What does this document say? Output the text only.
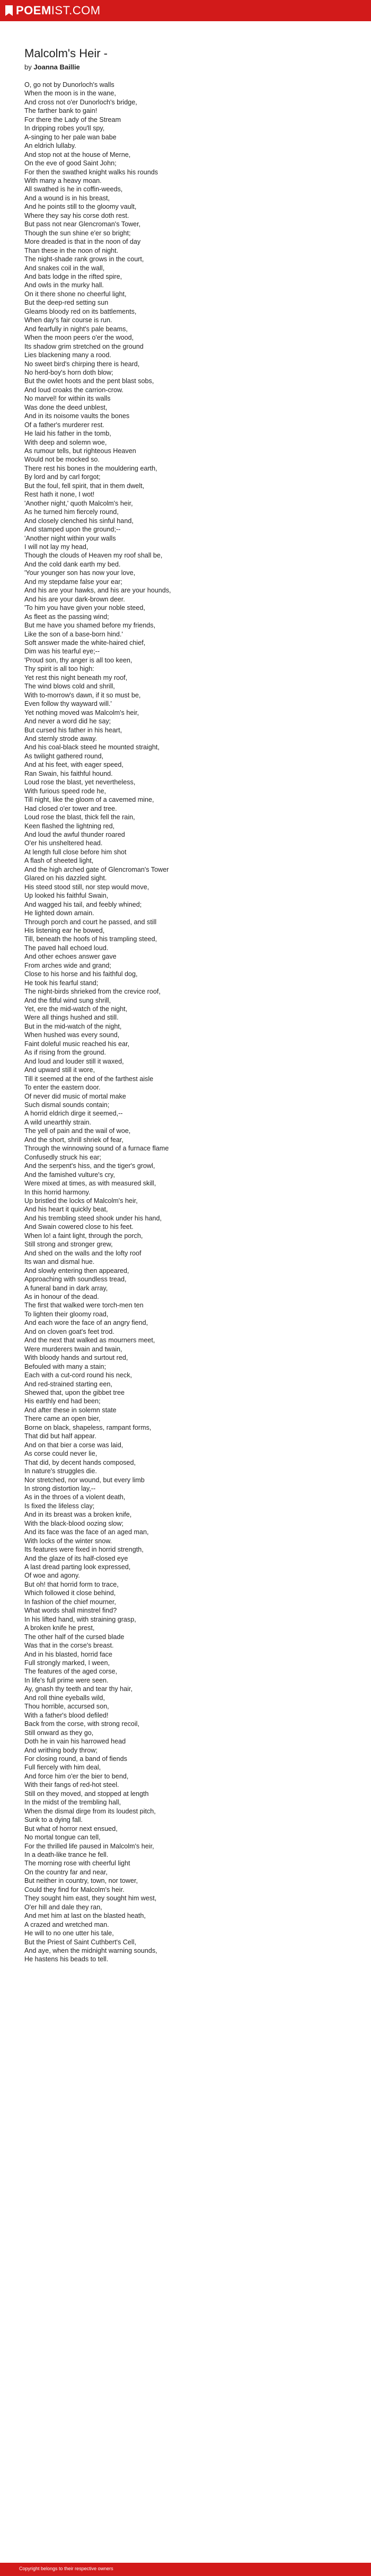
POEMIST.COM
Malcolm's Heir -
by Joanna Baillie
O, go not by Dunorloch's walls
When the moon is in the wane,
And cross not o'er Dunorloch's bridge,
The farther bank to gain!
For there the Lady of the Stream
In dripping robes you'll spy,
A-singing to her pale wan babe
An eldrich lullaby.
And stop not at the house of Merne,
On the eve of good Saint John;
For then the swathed knight walks his rounds
With many a heavy moan.
All swathed is he in coffin-weeds,
And a wound is in his breast,
And he points still to the gloomy vault,
Where they say his corse doth rest.
But pass not near Glencroman's Tower,
Though the sun shine e'er so bright;
More dreaded is that in the noon of day
Than these in the noon of night.
The night-shade rank grows in the court,
And snakes coil in the wall,
And bats lodge in the rifted spire,
And owls in the murky hall.
On it there shone no cheerful light,
But the deep-red setting sun
Gleams bloody red on its battlements,
When day's fair course is run.
And fearfully in night's pale beams,
When the moon peers o'er the wood,
Its shadow grim stretched on the ground
Lies blackening many a rood.
No sweet bird's chirping there is heard,
No herd-boy's horn doth blow;
But the owlet hoots and the pent blast sobs,
And loud croaks the carrion-crow.
No marvel! for within its walls
Was done the deed unblest,
And in its noisome vaults the bones
Of a father's murderer rest.
He laid his father in the tomb,
With deep and solemn woe,
As rumour tells, but righteous Heaven
Would not be mocked so.
There rest his bones in the mouldering earth,
By lord and by carl forgot;
But the foul, fell spirit, that in them dwelt,
Rest hath it none, I wot!
'Another night,' quoth Malcolm's heir,
As he turned him fiercely round,
And closely clenched his sinful hand,
And stamped upon the ground;--
'Another night within your walls
I will not lay my head,
Though the clouds of Heaven my roof shall be,
And the cold dank earth my bed.
'Your younger son has now your love,
And my stepdame false your ear;
And his are your hawks, and his are your hounds,
And his are your dark-brown deer.
'To him you have given your noble steed,
As fleet as the passing wind;
But me have you shamed before my friends,
Like the son of a base-born hind.'
Soft answer made the white-haired chief,
Dim was his tearful eye;--
'Proud son, thy anger is all too keen,
Thy spirit is all too high:
Yet rest this night beneath my roof,
The wind blows cold and shrill,
With to-morrow's dawn, if it so must be,
Even follow thy wayward will.'
Yet nothing moved was Malcolm's heir,
And never a word did he say;
But cursed his father in his heart,
And sternly strode away.
And his coal-black steed he mounted straight,
As twilight gathered round,
And at his feet, with eager speed,
Ran Swain, his faithful hound.
Loud rose the blast, yet nevertheless,
With furious speed rode he,
Till night, like the gloom of a cavemed mine,
Had closed o'er tower and tree.
Loud rose the blast, thick fell the rain,
Keen flashed the lightning red,
And loud the awful thunder roared
O'er his unsheltered head.
At length full close before him shot
A flash of sheeted light,
And the high arched gate of Glencroman's Tower
Glared on his dazzled sight.
His steed stood still, nor step would move,
Up looked his faithful Swain,
And wagged his tail, and feebly whined;
He lighted down amain.
Through porch and court he passed, and still
His listening ear he bowed,
Till, beneath the hoofs of his trampling steed,
The paved hall echoed loud.
And other echoes answer gave
From arches wide and grand;
Close to his horse and his faithful dog,
He took his fearful stand;
The night-birds shrieked from the crevice roof,
And the fitful wind sung shrill,
Yet, ere the mid-watch of the night,
Were all things hushed and still.
But in the mid-watch of the night,
When hushed was every sound,
Faint doleful music reached his ear,
As if rising from the ground.
And loud and louder still it waxed,
And upward still it wore,
Till it seemed at the end of the farthest aisle
To enter the eastern door.
Of never did music of mortal make
Such dismal sounds contain;
A horrid eldrich dirge it seemed,--
A wild unearthly strain.
The yell of pain and the wail of woe,
And the short, shrill shriek of fear,
Through the winnowing sound of a furnace flame
Confusedly struck his ear;
And the serpent's hiss, and the tiger's growl,
And the famished vulture's cry,
Were mixed at times, as with measured skill,
In this horrid harmony.
Up bristled the locks of Malcolm's heir,
And his heart it quickly beat,
And his trembling steed shook under his hand,
And Swain cowered close to his feet.
When lo! a faint light, through the porch,
Still strong and stronger grew,
And shed on the walls and the lofty roof
Its wan and dismal hue.
And slowly entering then appeared,
Approaching with soundless tread,
A funeral band in dark array,
As in honour of the dead.
The first that walked were torch-men ten
To lighten their gloomy road,
And each wore the face of an angry fiend,
And on cloven goat's feet trod.
And the next that walked as mourners meet,
Were murderers twain and twain,
With bloody hands and surtout red,
Befouled with many a stain;
Each with a cut-cord round his neck,
And red-strained starting een,
Shewed that, upon the gibbet tree
His earthly end had been;
And after these in solemn state
There came an open bier,
Borne on black, shapeless, rampant forms,
That did but half appear.
And on that bier a corse was laid,
As corse could never lie,
That did, by decent hands composed,
In nature's struggles die.
Nor stretched, nor wound, but every limb
In strong distortion lay,--
As in the throes of a violent death,
Is fixed the lifeless clay;
And in its breast was a broken knife,
With the black-blood oozing slow;
And its face was the face of an aged man,
With locks of the winter snow.
Its features were fixed in horrid strength,
And the glaze of its half-closed eye
A last dread parting look expressed,
Of woe and agony.
But oh! that horrid form to trace,
Which followed it close behind,
In fashion of the chief mourner,
What words shall minstrel find?
In his lifted hand, with straining grasp,
A broken knife he prest,
The other half of the cursed blade
Was that in the corse's breast.
And in his blasted, horrid face
Full strongly marked, I ween,
The features of the aged corse,
In life's full prime were seen.
Ay, gnash thy teeth and tear thy hair,
And roll thine eyeballs wild,
Thou horrible, accursed son,
With a father's blood defiled!
Back from the corse, with strong recoil,
Still onward as they go,
Doth he in vain his harrowed head
And writhing body throw;
For closing round, a band of fiends
Full fiercely with him deal,
And force him o'er the bier to bend,
With their fangs of red-hot steel.
Still on they moved, and stopped at length
In the midst of the trembling hall,
When the dismal dirge from its loudest pitch,
Sunk to a dying fall.
But what of horror next ensued,
No mortal tongue can tell,
For the thrilled life paused in Malcolm's heir,
In a death-like trance he fell.
The morning rose with cheerful light
On the country far and near,
But neither in country, town, nor tower,
Could they find for Malcolm's heir.
They sought him east, they sought him west,
O'er hill and dale they ran,
And met him at last on the blasted heath,
A crazed and wretched man.
He will to no one utter his tale,
But the Priest of Saint Cuthbert's Cell,
And aye, when the midnight warning sounds,
He hastens his beads to tell.
Copyright belongs to their respective owners
